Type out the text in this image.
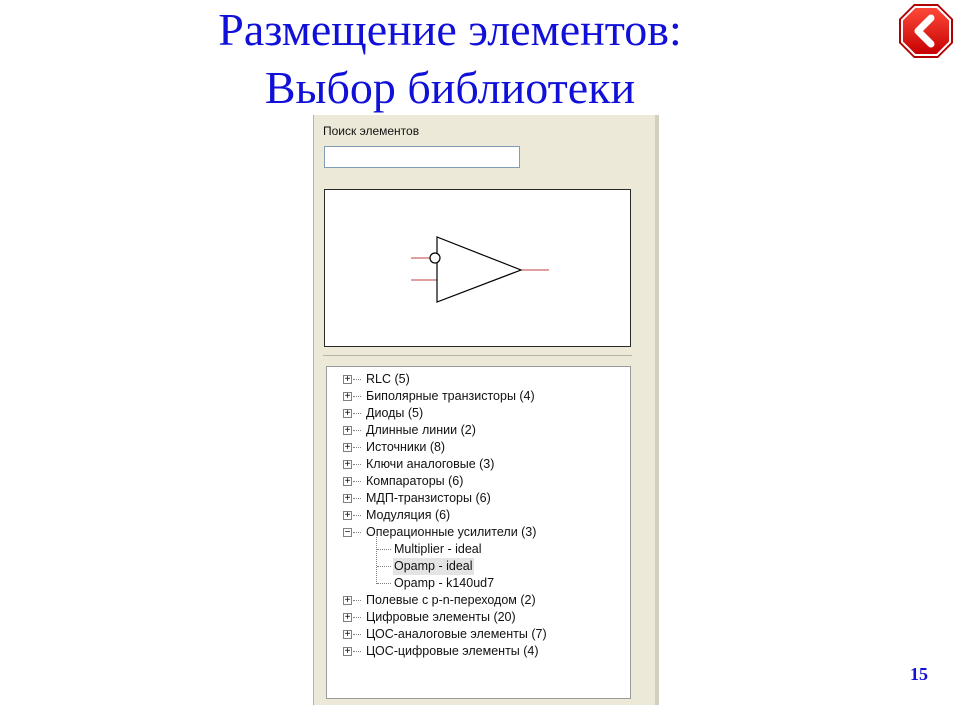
Размещение элементов:
Выбор библиотеки
Поиск элементов
+ RLC (5)
+ Биполярные транзисторы (4)
+ Диоды (5)
+ Длинные линии (2)
+ Источники (8)
+ Ключи аналоговые (3)
+ Компараторы (6)
+ МДП-транзисторы (6)
+ Модуляция (6)
− Операционные усилители (3)
Multiplier - ideal
Opamp - ideal
Opamp - k140ud7
+ Полевые с p-n-переходом (2)
+ Цифровые элементы (20)
+ ЦОС-аналоговые элементы (7)
+ ЦОС-цифровые элементы (4)
15
